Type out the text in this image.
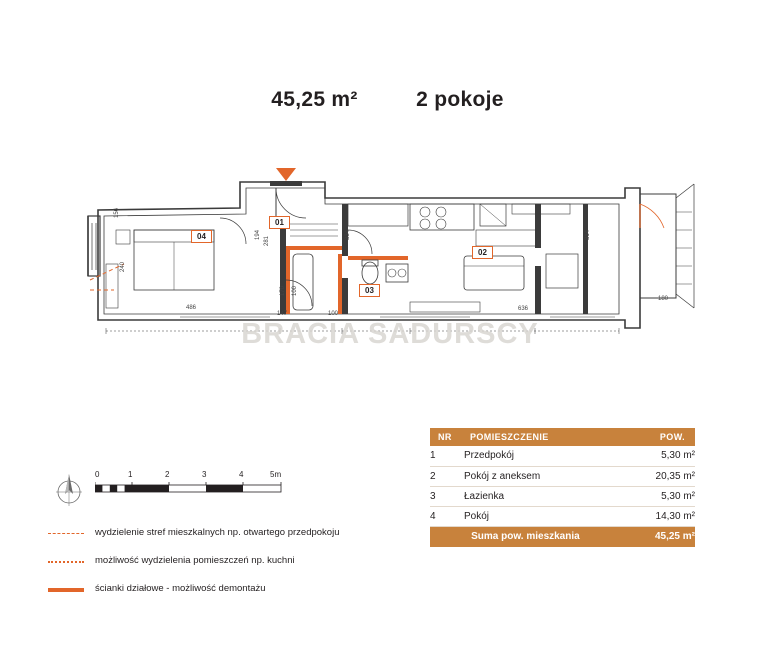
45,25 m²	2 pokoje
01
02
03
04	194	334
170 100
147	100
486
156
240
281
314
636
180
BRACIA SADURSCY
0	1	2	3	4	5m
wydzielenie stref mieszkalnych np. otwartego przedpokoju
możliwość wydzielenia pomieszczeń np. kuchni
ścianki działowe - możliwość demontażu
NR	POMIESZCZENIE	POW.
1	Przedpokój	5,30 m²
2	Pokój z aneksem	20,35 m²
3	Łazienka	5,30 m²
4	Pokój	14,30 m²
Suma pow. mieszkania		45,25 m²
